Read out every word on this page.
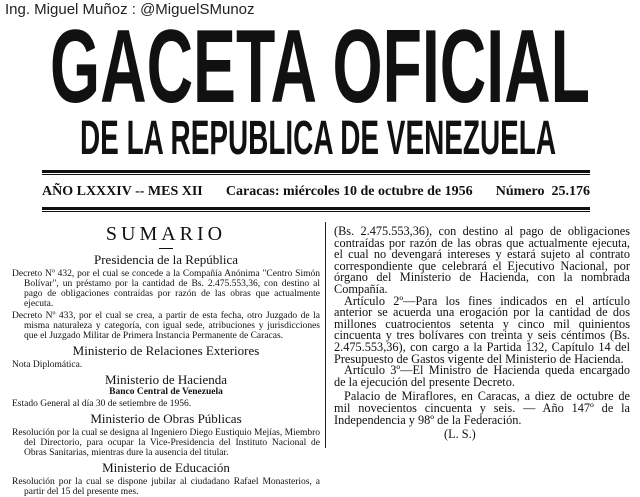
Ing. Miguel Muñoz : @MiguelSMunoz
GACETA OFICIAL
DE LA REPUBLICA DE VENEZUELA
AÑO LXXXIV -- MES XII Caracas: miércoles 10 de octubre de 1956 Número  25.176
SUMARIO
Presidencia de la República
Decreto Nº 432, por el cual se concede a la Compañía Anónima "Centro Simón Bolívar", un préstamo por la cantidad de Bs. 2.475.553,36, con destino al pago de obligaciones contraídas por razón de las obras que actualmente ejecuta.
Decreto Nº 433, por el cual se crea, a partir de esta fecha, otro Juzgado de la misma naturaleza y categoría, con igual sede, atribuciones y jurisdicciones que el Juzgado Militar de Primera Instancia Permanente de Caracas.
Ministerio de Relaciones Exteriores
Nota Diplomática.
Ministerio de Hacienda
Banco Central de Venezuela
Estado General al día 30 de setiembre de 1956.
Ministerio de Obras Públicas
Resolución por la cual se designa al Ingeniero Diego Eustiquio Mejías, Miembro del Directorio, para ocupar la Vice-Presidencia del Instituto Nacional de Obras Sanitarias, mientras dure la ausencia del titular.
Ministerio de Educación
Resolución por la cual se dispone jubilar al ciudadano Rafael Monasterios, a partir del 15 del presente mes.

(Bs. 2.475.553,36), con destino al pago de obligaciones contraídas por razón de las obras que actualmente ejecuta, el cual no devengará intereses y estará sujeto al contrato correspondiente que celebrará el Ejecutivo Nacional, por órgano del Ministerio de Hacienda, con la nombrada Compañía.

Artículo 2º—Para los fines indicados en el artículo anterior se acuerda una erogación por la cantidad de dos millones cuatrocientos setenta y cinco mil quinientos cincuenta y tres bolívares con treinta y seis céntimos (Bs. 2.475.553,36), con cargo a la Partida 132, Capítulo 14 del Presupuesto de Gastos vigente del Ministerio de Hacienda.

Artículo 3º—El Ministro de Hacienda queda encargado de la ejecución del presente Decreto.

Palacio de Miraflores, en Caracas, a diez de octubre de mil novecientos cincuenta y seis. — Año 147º de la Independencia y 98º de la Federación.

(L. S.)
